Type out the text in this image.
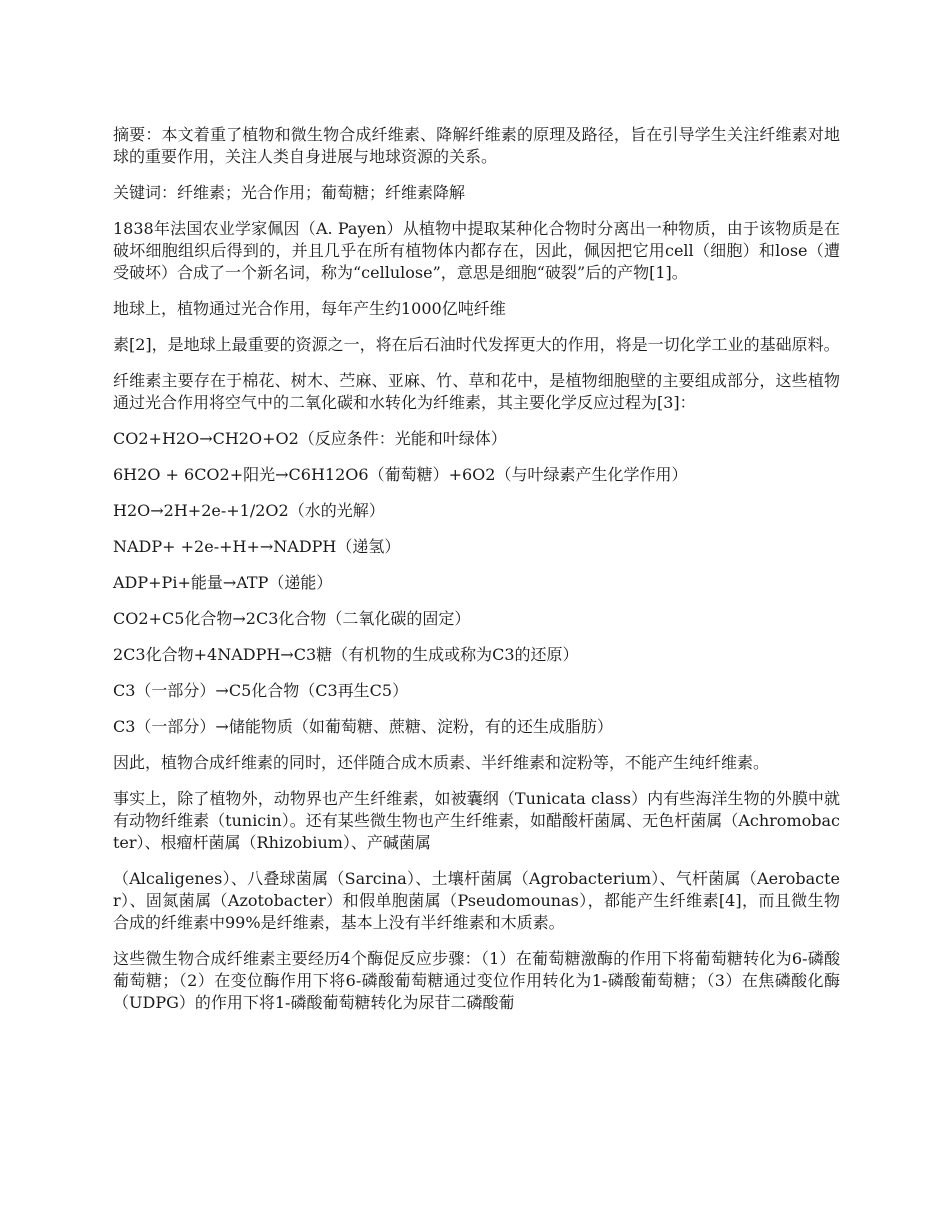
摘要：本文着重了植物和微生物合成纤维素、降解纤维素的原理及路径，旨在引导学生关注纤维素对地球的重要作用，关注人类自身进展与地球资源的关系。

关键词：纤维素；光合作用；葡萄糖；纤维素降解

1838年法国农业学家佩因（A. Payen）从植物中提取某种化合物时分离出一种物质，由于该物质是在破坏细胞组织后得到的，并且几乎在所有植物体内都存在，因此，佩因把它用cell（细胞）和lose（遭受破坏）合成了一个新名词，称为“cellulose”，意思是细胞“破裂”后的产物[1]。

地球上，植物通过光合作用，每年产生约1000亿吨纤维

素[2]，是地球上最重要的资源之一，将在后石油时代发挥更大的作用，将是一切化学工业的基础原料。

纤维素主要存在于棉花、树木、苎麻、亚麻、竹、草和花中，是植物细胞壁的主要组成部分，这些植物通过光合作用将空气中的二氧化碳和水转化为纤维素，其主要化学反应过程为[3]：

CO2+H2O→CH2O+O2（反应条件：光能和叶绿体）

6H2O + 6CO2+阳光→C6H12O6（葡萄糖）+6O2（与叶绿素产生化学作用）

H2O→2H+2e-+1/2O2（水的光解）

NADP+ +2e-+H+→NADPH（递氢）

ADP+Pi+能量→ATP（递能）

CO2+C5化合物→2C3化合物（二氧化碳的固定）

2C3化合物+4NADPH→C3糖（有机物的生成或称为C3的还原）

C3（一部分）→C5化合物（C3再生C5）

C3（一部分）→储能物质（如葡萄糖、蔗糖、淀粉，有的还生成脂肪）

因此，植物合成纤维素的同时，还伴随合成木质素、半纤维素和淀粉等，不能产生纯纤维素。

事实上，除了植物外，动物界也产生纤维素，如被囊纲（Tunicata class）内有些海洋生物的外膜中就有动物纤维素（tunicin）。还有某些微生物也产生纤维素，如醋酸杆菌属、无色杆菌属（Achromobacter）、根瘤杆菌属（Rhizobium）、产碱菌属

（Alcaligenes）、八叠球菌属（Sarcina）、土壤杆菌属（Agrobacterium）、气杆菌属（Aerobacter）、固氮菌属（Azotobacter）和假单胞菌属（Pseudomounas），都能产生纤维素[4]，而且微生物合成的纤维素中99%是纤维素，基本上没有半纤维素和木质素。

这些微生物合成纤维素主要经历4个酶促反应步骤：（1）在葡萄糖激酶的作用下将葡萄糖转化为6-磷酸葡萄糖；（2）在变位酶作用下将6-磷酸葡萄糖通过变位作用转化为1-磷酸葡萄糖；（3）在焦磷酸化酶（UDPG）的作用下将1-磷酸葡萄糖转化为尿苷二磷酸葡
